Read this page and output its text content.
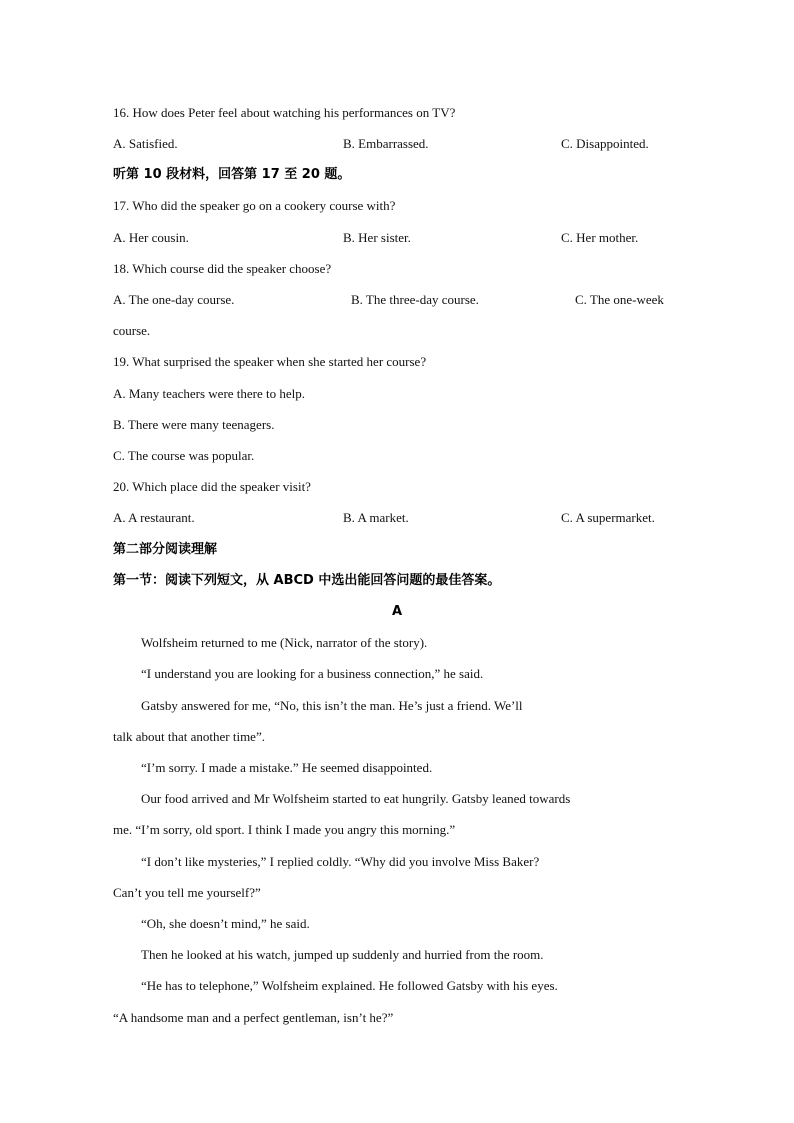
16. How does Peter feel about watching his performances on TV?
A. Satisfied.	B. Embarrassed.	C. Disappointed.
听第 10 段材料，回答第 17 至 20 题。
17. Who did the speaker go on a cookery course with?
A. Her cousin.	B. Her sister.	C. Her mother.
18. Which course did the speaker choose?
A. The one-day course.	B. The three-day course.	C. The one-week
course.
19. What surprised the speaker when she started her course?
A. Many teachers were there to help.
B. There were many teenagers.
C. The course was popular.
20. Which place did the speaker visit?
A. A restaurant.	B. A market.	C. A supermarket.
第二部分阅读理解
第一节：阅读下列短文，从 ABCD 中选出能回答问题的最佳答案。
A
Wolfsheim returned to me (Nick, narrator of the story).
“I understand you are looking for a business connection,” he said.
Gatsby answered for me, “No, this isn’t the man. He’s just a friend. We’ll
talk about that another time”.
“I’m sorry. I made a mistake.” He seemed disappointed.
Our food arrived and Mr Wolfsheim started to eat hungrily. Gatsby leaned towards
me. “I’m sorry, old sport. I think I made you angry this morning.”
“I don’t like mysteries,” I replied coldly. “Why did you involve Miss Baker?
Can’t you tell me yourself?”
“Oh, she doesn’t mind,” he said.
Then he looked at his watch, jumped up suddenly and hurried from the room.
“He has to telephone,” Wolfsheim explained. He followed Gatsby with his eyes.
“A handsome man and a perfect gentleman, isn’t he?”
